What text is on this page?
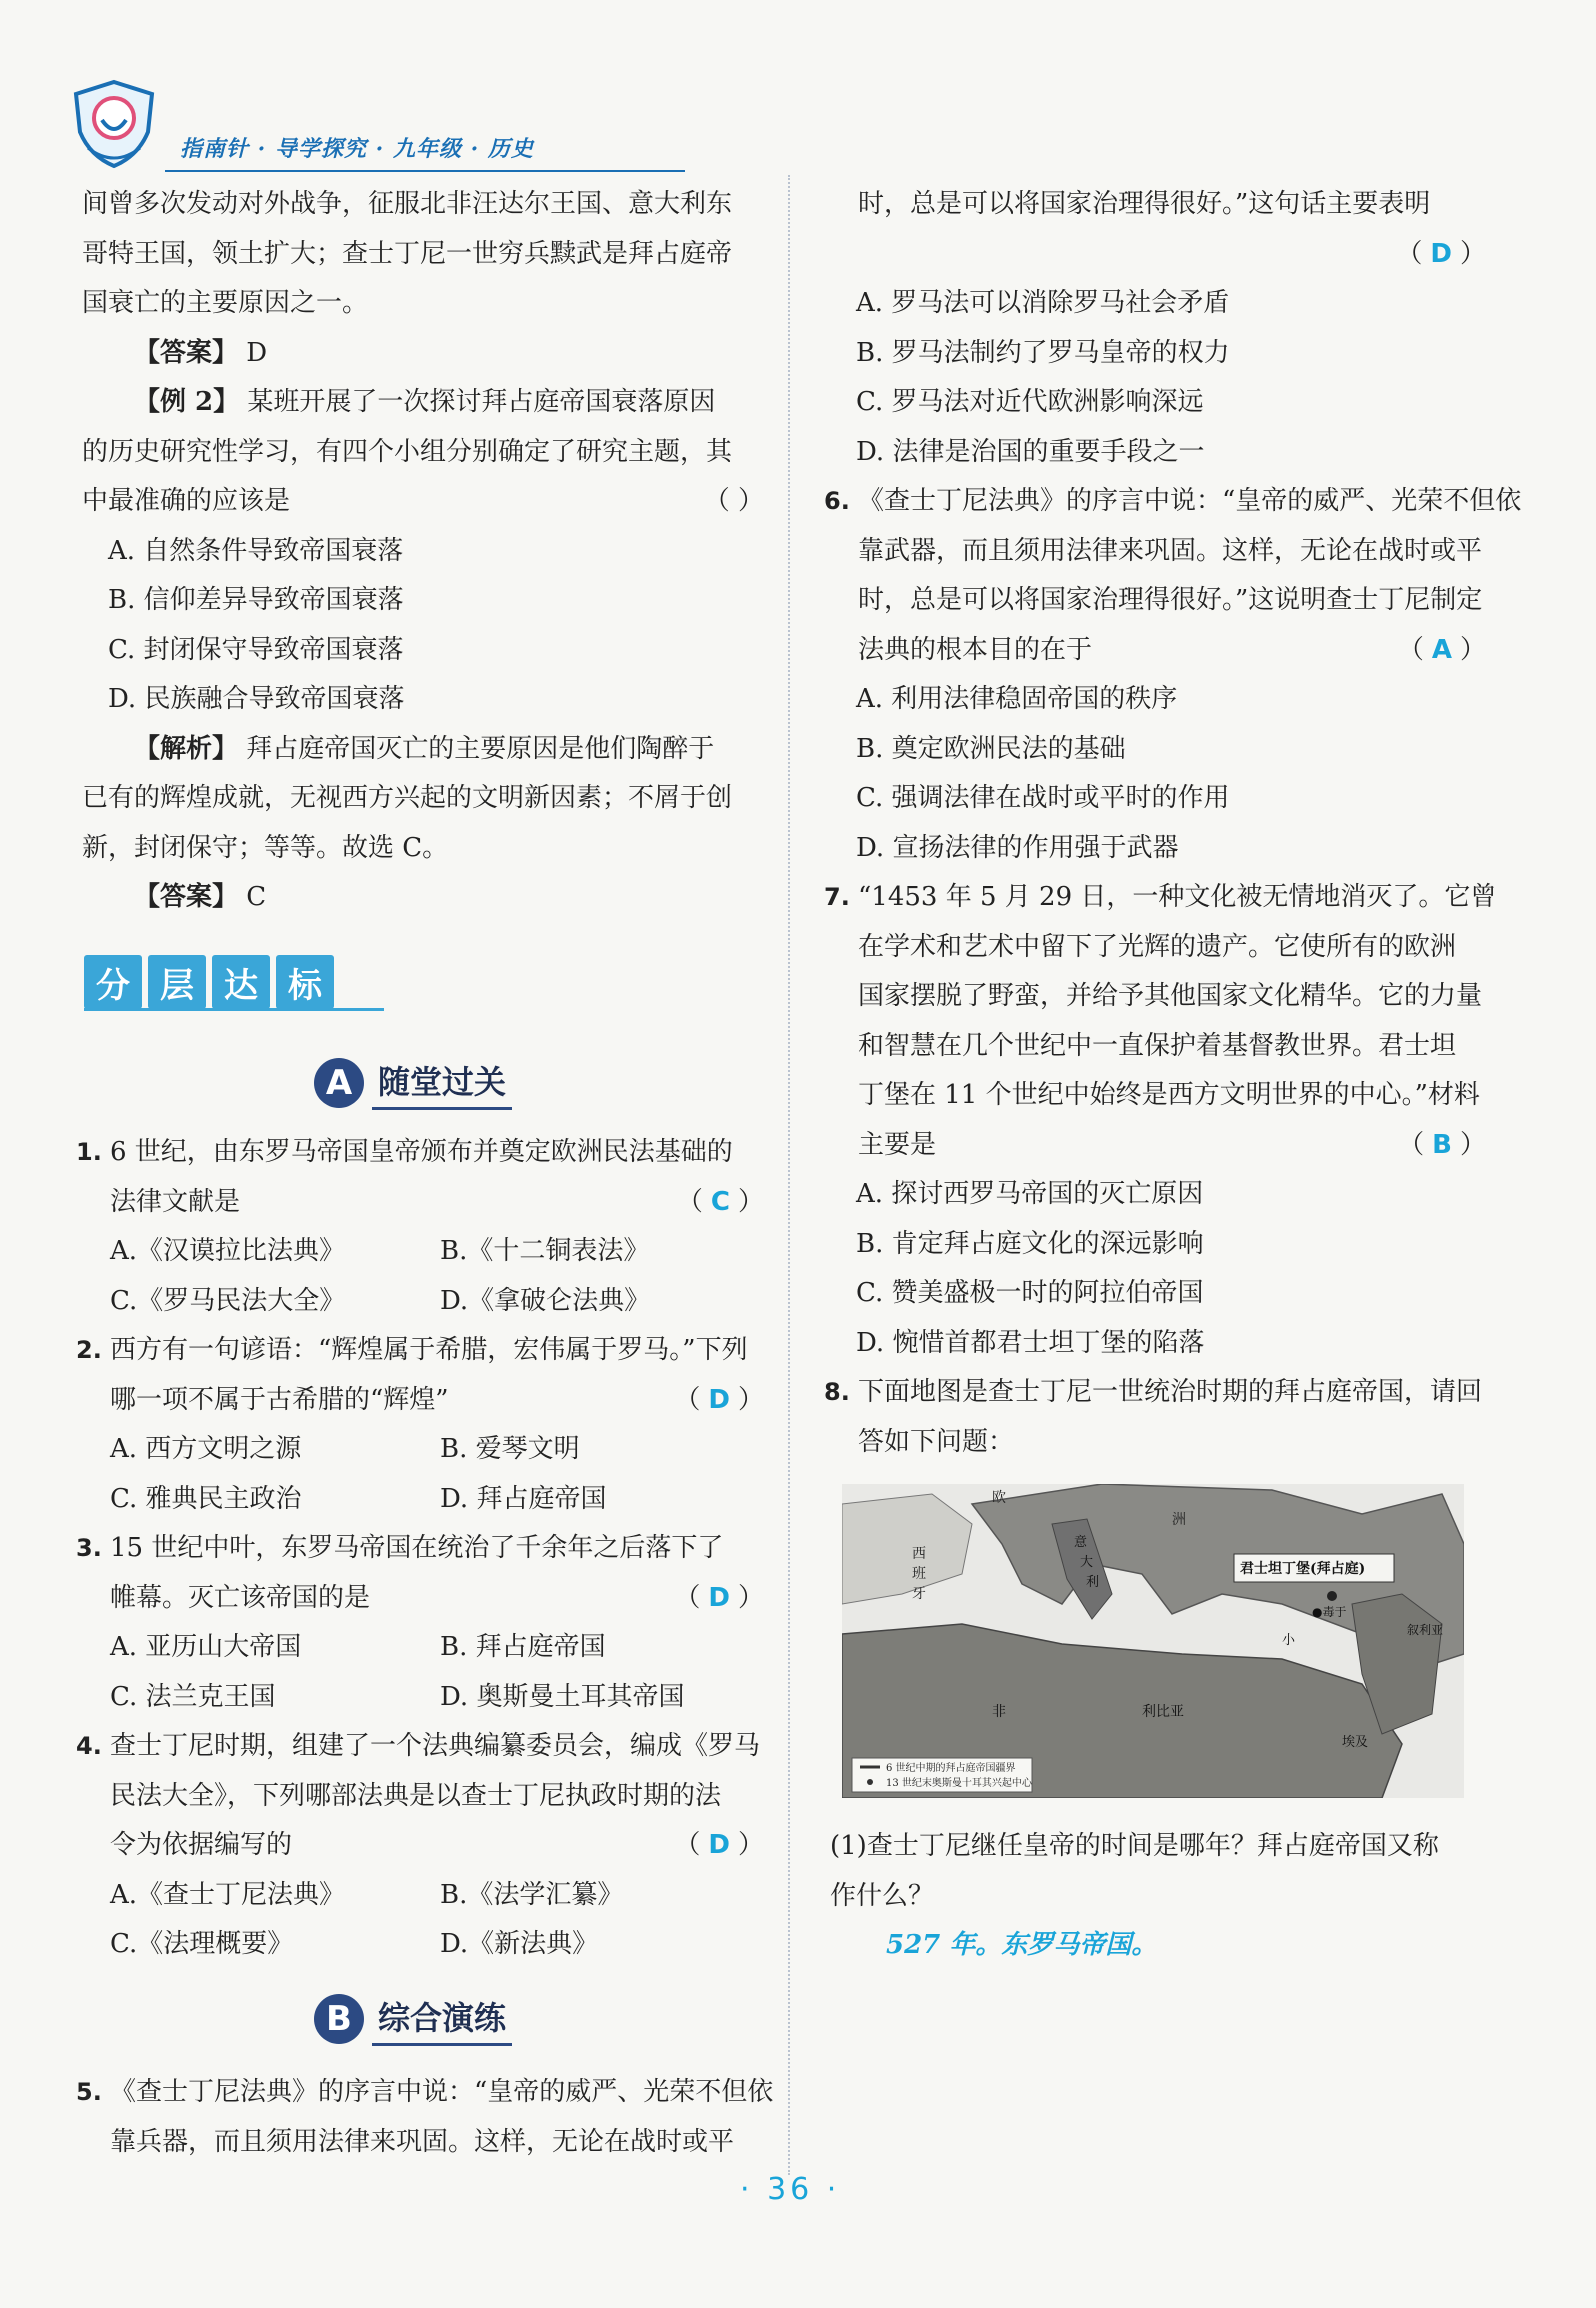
指南针 · 导学探究 · 九年级 · 历史
间曾多次发动对外战争，征服北非汪达尔王国、意大利东
哥特王国，领土扩大；查士丁尼一世穷兵黩武是拜占庭帝
国衰亡的主要原因之一。
【答案】 D
【例 2】 某班开展了一次探讨拜占庭帝国衰落原因
的历史研究性学习，有四个小组分别确定了研究主题，其
中最准确的应该是	（ ）
A. 自然条件导致帝国衰落
B. 信仰差异导致帝国衰落
C. 封闭保守导致帝国衰落
D. 民族融合导致帝国衰落
【解析】 拜占庭帝国灭亡的主要原因是他们陶醉于
已有的辉煌成就，无视西方兴起的文明新因素；不屑于创
新，封闭保守；等等。故选 C。
【答案】 C
分 层 达 标
A 随堂过关
1. 6 世纪，由东罗马帝国皇帝颁布并奠定欧洲民法基础的
法律文献是	（ C ）
A.《汉谟拉比法典》	B.《十二铜表法》
C.《罗马民法大全》	D.《拿破仑法典》
2. 西方有一句谚语：“辉煌属于希腊，宏伟属于罗马。”下列
哪一项不属于古希腊的“辉煌”	（ D ）
A. 西方文明之源	B. 爱琴文明
C. 雅典民主政治	D. 拜占庭帝国
3. 15 世纪中叶，东罗马帝国在统治了千余年之后落下了
帷幕。灭亡该帝国的是	（ D ）
A. 亚历山大帝国	B. 拜占庭帝国
C. 法兰克王国	D. 奥斯曼土耳其帝国
4. 查士丁尼时期，组建了一个法典编纂委员会，编成《罗马
民法大全》，下列哪部法典是以查士丁尼执政时期的法
令为依据编写的	（ D ）
A.《查士丁尼法典》	B.《法学汇纂》
C.《法理概要》	D.《新法典》
B 综合演练
5. 《查士丁尼法典》的序言中说：“皇帝的威严、光荣不但依
靠兵器，而且须用法律来巩固。这样，无论在战时或平
时，总是可以将国家治理得很好。”这句话主要表明
（ D ）
A. 罗马法可以消除罗马社会矛盾
B. 罗马法制约了罗马皇帝的权力
C. 罗马法对近代欧洲影响深远
D. 法律是治国的重要手段之一
6. 《查士丁尼法典》的序言中说：“皇帝的威严、光荣不但依
靠武器，而且须用法律来巩固。这样，无论在战时或平
时，总是可以将国家治理得很好。”这说明查士丁尼制定
法典的根本目的在于	（ A ）
A. 利用法律稳固帝国的秩序
B. 奠定欧洲民法的基础
C. 强调法律在战时或平时的作用
D. 宣扬法律的作用强于武器
7. “1453 年 5 月 29 日，一种文化被无情地消灭了。它曾
在学术和艺术中留下了光辉的遗产。它使所有的欧洲
国家摆脱了野蛮，并给予其他国家文化精华。它的力量
和智慧在几个世纪中一直保护着基督教世界。君士坦
丁堡在 11 个世纪中始终是西方文明世界的中心。”材料
主要是	（ B ）
A. 探讨西罗马帝国的灭亡原因
B. 肯定拜占庭文化的深远影响
C. 赞美盛极一时的阿拉伯帝国
D. 惋惜首都君士坦丁堡的陷落
8. 下面地图是查士丁尼一世统治时期的拜占庭帝国，请回
答如下问题：
欧
洲
西
班
牙
意
大
利
君士坦丁堡(拜占庭)
●毒于
小
叙利亚
埃及
非	利比亚
6 世纪中期的拜占庭帝国疆界
13 世纪末奥斯曼十耳其兴起中心
(1)查士丁尼继任皇帝的时间是哪年？拜占庭帝国又称
作什么？
527 年。东罗马帝国。
· 36 ·
